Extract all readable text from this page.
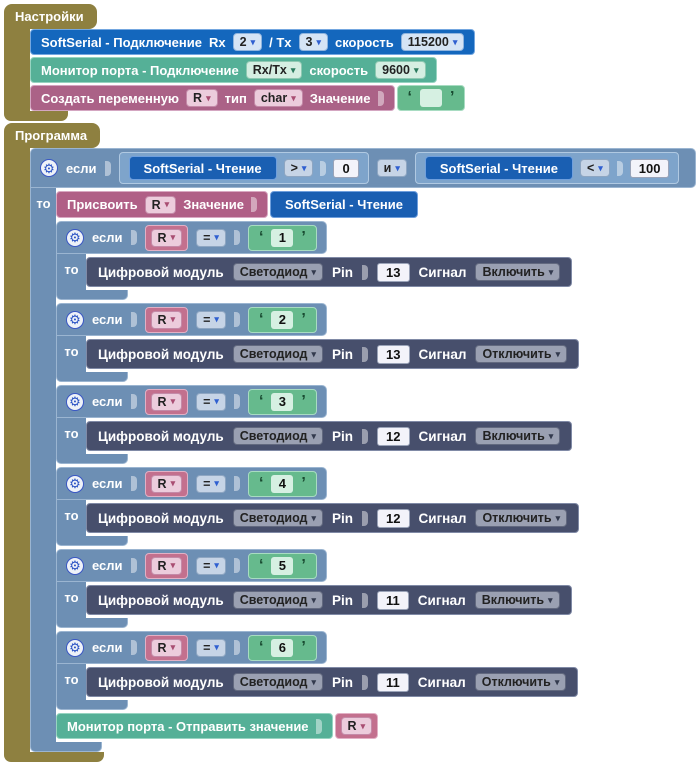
Настройки
SoftSerial - Подключение Rx 2 ▾ / Tx 3 ▾ скорость 115200 ▾
Монитор порта - Подключение Rx/Tx ▾ скорость 9600 ▾
Создать переменную R ▾ тип char ▾ Значение ‘ ’
Программа
⚙ если	SoftSerial - Чтение	> ▾	0	и ▾	SoftSerial - Чтение	< ▾	100
то Присвоить R ▾ Значение	SoftSerial - Чтение
⚙ если	R ▾ = ▾	‘	1 ’
то Цифровой модуль Светодиод ▾ Pin	13	Сигнал Включить ▾
⚙ если	R ▾ = ▾	‘	2 ’
то Цифровой модуль Светодиод ▾ Pin	13	Сигнал Отключить ▾
⚙ если	R ▾ = ▾	‘	3 ’
то Цифровой модуль Светодиод ▾ Pin	12	Сигнал Включить ▾
⚙ если	R ▾ = ▾	‘	4 ’
то Цифровой модуль Светодиод ▾ Pin	12	Сигнал Отключить ▾
⚙ если	R ▾ = ▾	‘	5 ’
то Цифровой модуль Светодиод ▾ Pin	11	Сигнал Включить ▾
⚙ если	R ▾ = ▾	‘	6 ’
то Цифровой модуль Светодиод ▾ Pin	11	Сигнал Отключить ▾
Монитор порта - Отправить значение	R ▾
